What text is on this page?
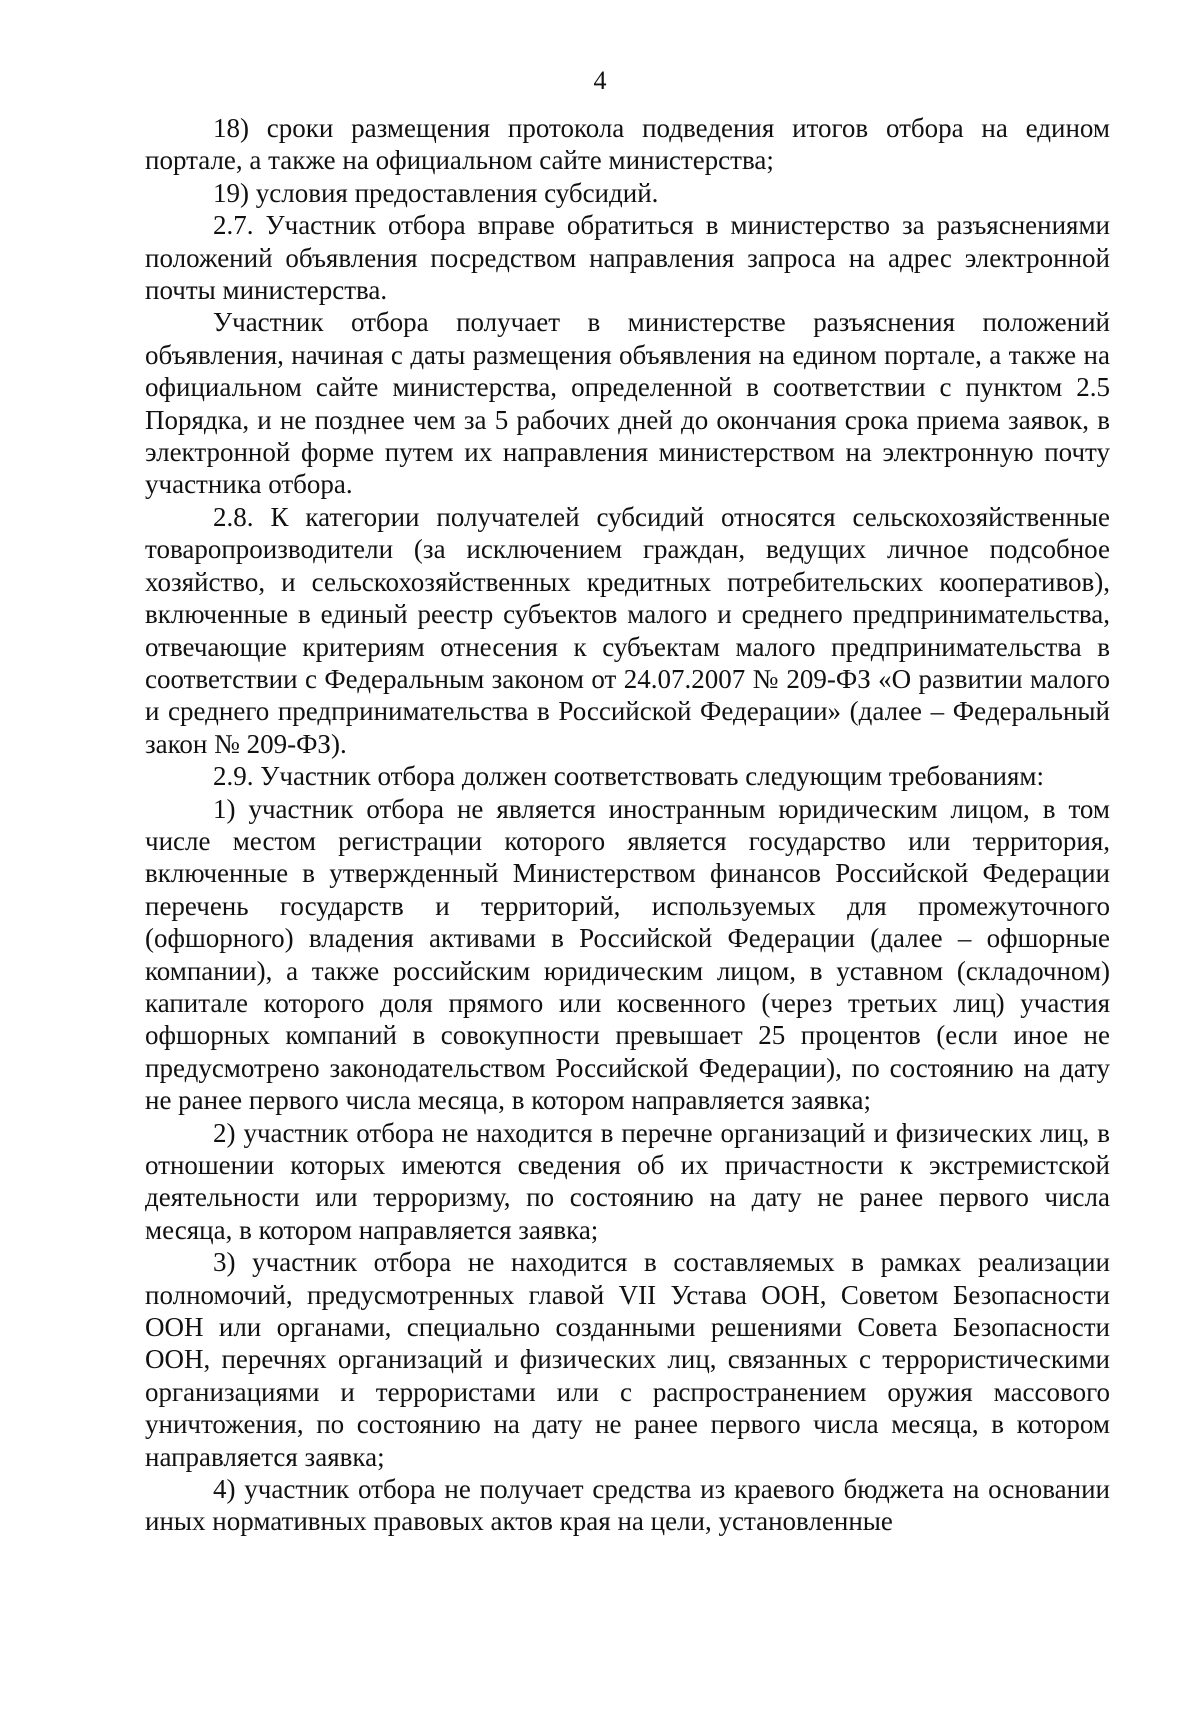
4

18) сроки размещения протокола подведения итогов отбора на едином портале, а также на официальном сайте министерства;

19) условия предоставления субсидий.

2.7. Участник отбора вправе обратиться в министерство за разъяснениями положений объявления посредством направления запроса на адрес электронной почты министерства.

Участник отбора получает в министерстве разъяснения положений объявления, начиная с даты размещения объявления на едином портале, а также на официальном сайте министерства, определенной в соответствии с пунктом 2.5 Порядка, и не позднее чем за 5 рабочих дней до окончания срока приема заявок, в электронной форме путем их направления министерством на электронную почту участника отбора.

2.8. К категории получателей субсидий относятся сельскохозяйственные товаропроизводители (за исключением граждан, ведущих личное подсобное хозяйство, и сельскохозяйственных кредитных потребительских кооперативов), включенные в единый реестр субъектов малого и среднего предпринимательства, отвечающие критериям отнесения к субъектам малого предпринимательства в соответствии с Федеральным законом от 24.07.2007 № 209-ФЗ «О развитии малого и среднего предпринимательства в Российской Федерации» (далее – Федеральный закон № 209-ФЗ).

2.9. Участник отбора должен соответствовать следующим требованиям:

1) участник отбора не является иностранным юридическим лицом, в том числе местом регистрации которого является государство или территория, включенные в утвержденный Министерством финансов Российской Федерации перечень государств и территорий, используемых для промежуточного (офшорного) владения активами в Российской Федерации (далее – офшорные компании), а также российским юридическим лицом, в уставном (складочном) капитале которого доля прямого или косвенного (через третьих лиц) участия офшорных компаний в совокупности превышает 25 процентов (если иное не предусмотрено законодательством Российской Федерации), по состоянию на дату не ранее первого числа месяца, в котором направляется заявка;

2) участник отбора не находится в перечне организаций и физических лиц, в отношении которых имеются сведения об их причастности к экстремистской деятельности или терроризму, по состоянию на дату не ранее первого числа месяца, в котором направляется заявка;

3) участник отбора не находится в составляемых в рамках реализации полномочий, предусмотренных главой VII Устава ООН, Советом Безопасности ООН или органами, специально созданными решениями Совета Безопасности ООН, перечнях организаций и физических лиц, связанных с террористическими организациями и террористами или с распространением оружия массового уничтожения, по состоянию на дату не ранее первого числа месяца, в котором направляется заявка;

4) участник отбора не получает средства из краевого бюджета на основании иных нормативных правовых актов края на цели, установленные
